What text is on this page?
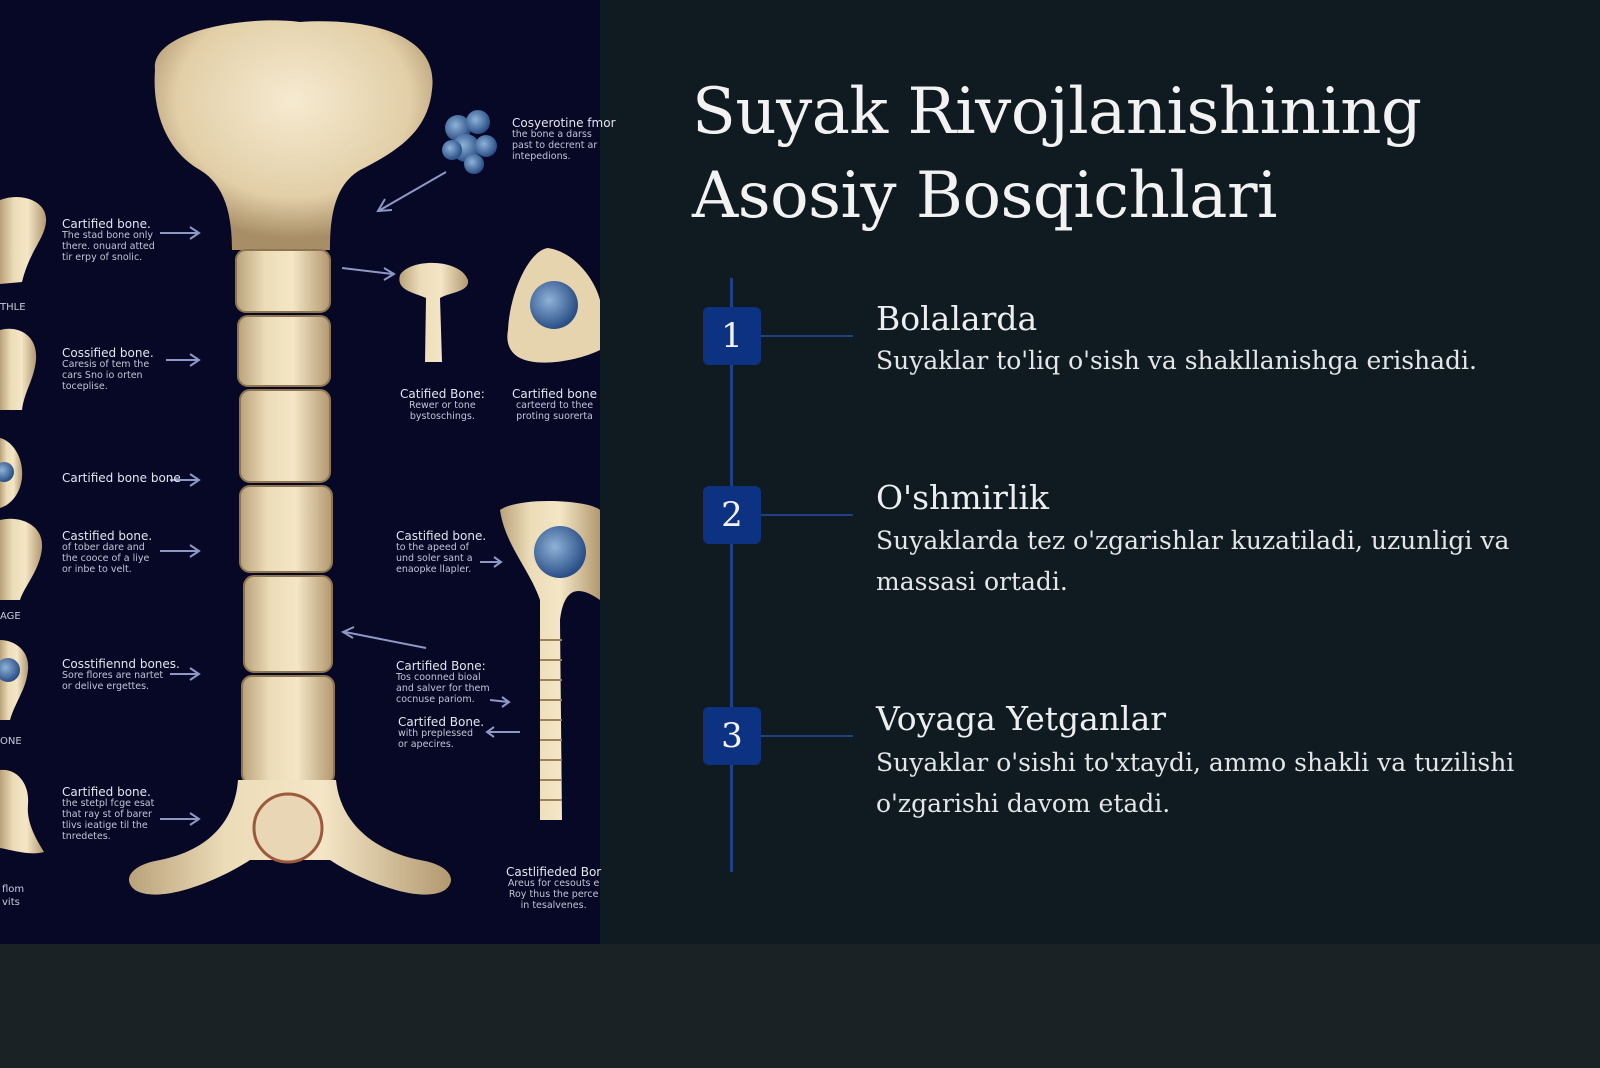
Cartified bone.
The stad bone only
there. onuard atted
tir erpy of snolic.
Cossified bone.
Caresis of tem the
cars Sno io orten
toceplise.
Cartified bone bone
Castified bone.
of tober dare and
the cooce of a liye
or inbe to velt.
Cosstifiennd bones.
Sore flores are nartet
or delive ergettes.
Cartified bone.
the stetpl fcge esat
that ray st of barer
tlivs ieatige til the
tnredetes.
Cosyerotine fmor
the bone a darss
past to decrent ar
intepedions.
Catified Bone:
Rewer or tone
bystoschings.
Cartified bone
carteerd to thee
proting suorerta
Castified bone.
to the apeed of
und soler sant a
enaopke llapler.
Cartified Bone:
Tos coonned bioal
and salver for them
cocnuse pariom.
Cartifed Bone.
with preplessed
or apecires.
Castlifieded Bor
Areus for cesouts e
Roy thus the perce
in tesalvenes.
THLE
AGE
ONE
flom
vits
Suyak Rivojlanishining Asosiy Bosqichlari
1	Bolalarda
Suyaklar to'liq o'sish va shakllanishga erishadi.
2	O'shmirlik
Suyaklarda tez o'zgarishlar kuzatiladi, uzunligi va massasi ortadi.
3	Voyaga Yetganlar
Suyaklar o'sishi to'xtaydi, ammo shakli va tuzilishi o'zgarishi davom etadi.
